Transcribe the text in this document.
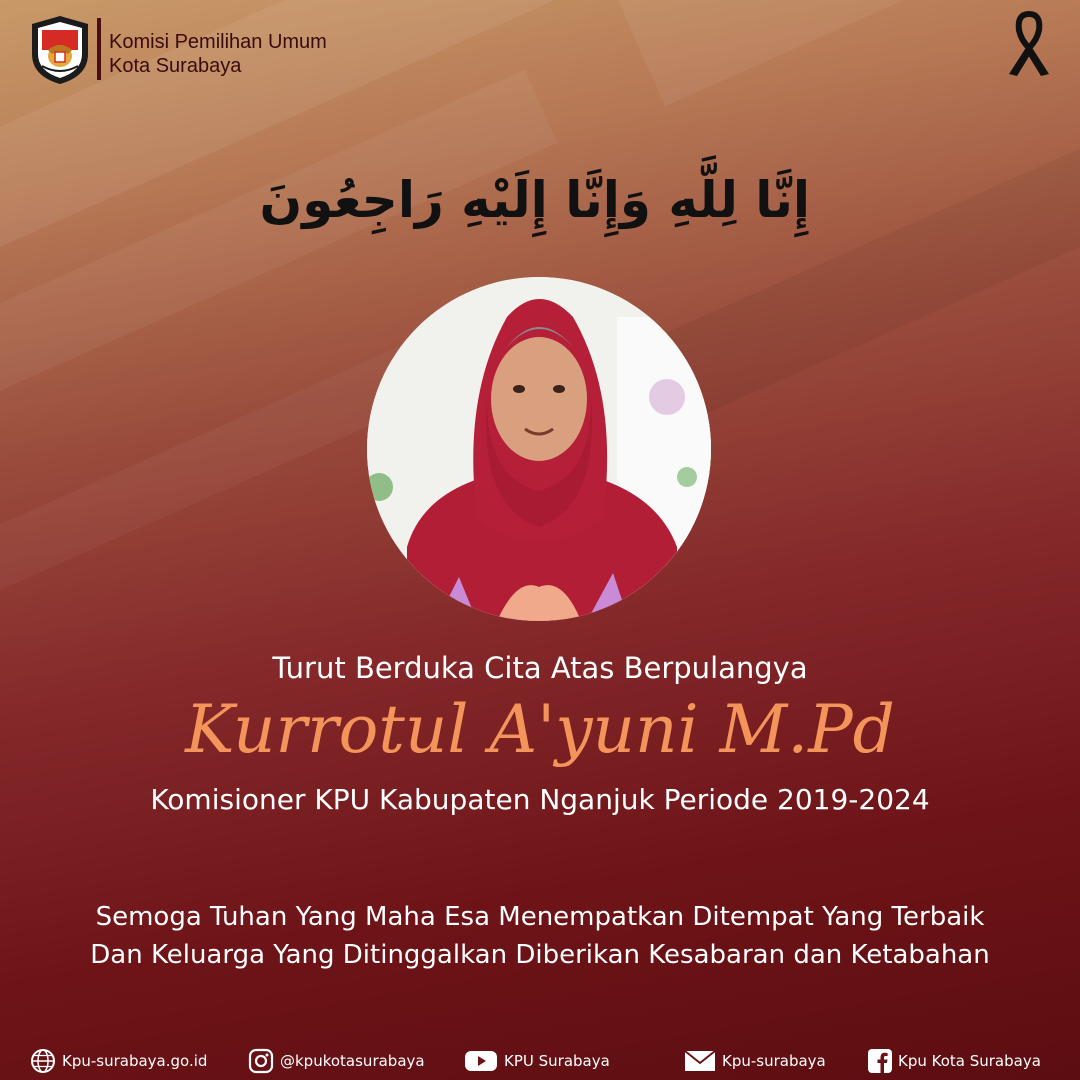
Komisi Pemilihan Umum
Kota Surabaya
إِنَّا لِلَّهِ وَإِنَّا إِلَيْهِ رَاجِعُونَ
Turut Berduka Cita Atas Berpulangya
Kurrotul A'yuni M.Pd
Komisioner KPU Kabupaten Nganjuk Periode 2019-2024
Semoga Tuhan Yang Maha Esa Menempatkan Ditempat Yang Terbaik
Dan Keluarga Yang Ditinggalkan Diberikan Kesabaran dan Ketabahan
Kpu-surabaya.go.id	@kpukotasurabaya	KPU Surabaya	Kpu-surabaya	Kpu Kota Surabaya
